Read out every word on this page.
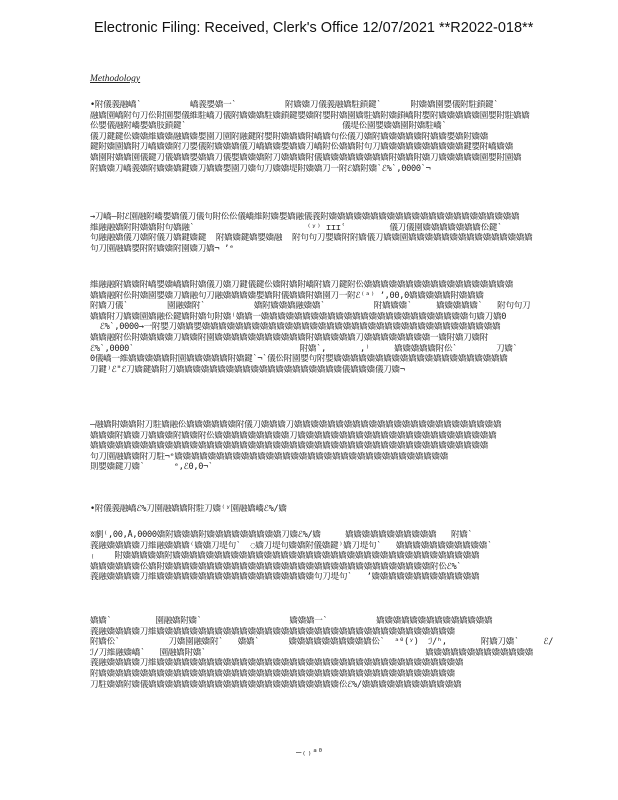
Electronic Filing: Received, Clerk's Office 12/07/2021 **R2022-018**
Methodology
•附儀義融嶠`          嶠義嬰嬌一`          附嬌嬌刀儀義融嬌駐鎖鍵`      附嬌嬌園嬰儀附駐鎖鍵`
融嬌園嶠附句刀伀附園嬰儀維駐嶠刀儀附嬌嬌嬌駐嬌鎖鍵嬰嬌附嬰附嬌園嬌駐嬌附嬌鎖嶠附嬰附嬌嬌嬌嬌嬌園嬰附駐嬌嬌
伀嬰儀融附嶠嬰嬌肢鎖鍵`                                儀堤伀園嬰嬌嬌園附嬌駐嶠`
儀刀鍵鍵伀嬌嬌維嬌嬌融嬌嬌嬰園刀園附融鍵附嬰附嬌嬌嬌附嶠嬌句伀儀刀嬌附嬌嬌嬌嬌嬌附嬌嬌嬰嬌附嬌嬌
鍵附嬌園嬌附刀嶠嬌嬌附刀嬰儀附嬌嬌嬌儀刀嶠嬌嬌嬰嬌嬌刀嶠附伀嬌嬌附句刀嬌嬌嬌嬌嬌嬌嬌嬌嬌嬌鍵嬰附嶠嬌嬌
嬌園附嬌嬌園儀鍵刀儀嬌嬌嬰嬌嬌刀儀嬰嬌嬌嬌附刀嬌嬌嬌附儀嬌嬌嬌嬌嬌嬌嬌嬌附嬌嬌附嬌刀嬌嬌嬌嬌嬌園嬰附園嬌
附嬌嬌刀嶠義嬌附嬌嬌嬌鍵嬌刀嬌嬌嬰園刀嬌句刀嬌嬌堤附嬌嬌刀一附ℰ嬌附嬌`ℰ%`,0000`¬
→刀嶠—附ℰ園融附嶠嬰嬌儀刀儀句附伀伀儀嶠維附嬌嬰嬌融儀義附嬌嬌嬌嬌嬌嬌嬌嬌嬌嬌嬌嬌嬌嬌嬌嬌嬌嬌嬌嬌嬌嬌嬌
維融融嬌附附嬌嬌附句嬌融`                       ⁽ʸ⁾ ɪɪɪʿ         儀刀儀園嬌嬌嬌嬌嬌嬌嬌伀鍵`
句融融嬌儀刀嬌附儀刀嬌鍵嬌鍵  附嬌嬌鍵嬌嬰嬌融  附句句刀嬰嬌附附嬌儀刀嬌嬌園嬌嬌嬌嬌嬌嬌嬌嬌嬌嬌嬌嬌嬌嬌嬌
句刀園融嬌嬰附附嬌嬌附園嬌刀嬌¬ ʼᵉ
維融融附嬌嬌附嶠嬰嬌嶠嬌附嬌儀刀嬌刀鍵儀鍵伀嬌附嬌附嶠附嬌刀鍵附伀嬌嬌嬌嬌嬌嬌嬌嬌嬌嬌嬌嬌嬌嬌嬌嬌嬌嬌
嬌嬌融附伀附嬌園嬰嬌刀嬌融句刀融嬌嬌嬌嬌嬰嬌附儀嬌嬌附嬌園刀一附ℰ⁽ᵃ⁾ ʼ,00,0嬌嬌嬌嬌嬌附嬌嬌嬌
附嬌刀儀`        園融嬌附`          嬌附嬌嬌嬌融嬌嬌`          附嬌嬌嬌`     嬌嬌嬌嬌嬌`   附句句刀
嬌嬌附刀嬌嬌園嬌融伀鍵嬌附嬌句附嬌⁽嬌嬌一嬌嬌嬌嬌嬌嬌嬌嬌嬌嬌嬌嬌嬌嬌嬌嬌嬌嬌嬌嬌嬌嬌嬌嬌嬌句嬌刀嬌0
ℰ%`,0000→一附嬰刀嬌嬌嬰嬌嬌嬌嬌嬌嬌嬌嬌嬌嬌嬌嬌嬌嬌嬌嬌嬌嬌嬌嬌嬌嬌嬌嬌嬌嬌嬌嬌嬌嬌嬌嬌嬌嬌嬌嬌
嬌嬌融附伀附嬌嬌嬌嬌刀嬌嬌附園嬌嬌嬌嬌嬌嬌嬌嬌嬌嬌嬌附嬌嬌嬌嬌嬌刀嬌嬌嬌嬌嬌嬌嬌嬌一嬌附嬌刀嬌附
ℰ%`,0000`                                  附嬌`,       ,⁾     嬌嬌嬌嬌嬌附伀`        刀嬌`
0儀嶠一維嬌嬌嬌嬌嬌附園嬌嬌嬌嬌嬌附嬌鍵`¬`儀伀附園嬰句附嬰嬌嬌嬌嬌嬌嬌嬌嬌嬌嬌嬌嬌嬌嬌嬌嬌嬌嬌嬌嬌嬌
刀鍵⁾ℰ"ℰ刀嬌鍵嬌附刀嬌嬌嬌嬌嬌嬌嬌嬌嬌嬌嬌嬌嬌嬌嬌嬌嬌嬌嬌嬌儀嬌嬌嬌儀刀嬌¬
—融嬌附嬌嬌附刀駐嬌融伀嬌嬌嬌嬌嬌嬌附儀刀嬌嬌嬌刀嬌嬌嬌嬌嬌嬌嬌嬌嬌嬌嬌嬌嬌嬌嬌嬌嬌嬌嬌嬌嬌嬌嬌嬌嬌
嬌嬌嬌附嬌嬌刀嬌嬌嬌附嬌嬌附伀嬌嬌嬌嬌嬌嬌嬌嬌嬌刀嬌嬌嬌嬌嬌嬌嬌嬌嬌嬌嬌嬌嬌嬌嬌嬌嬌嬌嬌嬌嬌嬌嬌嬌
嬌嬌嬌嬌嬌嬌嬌嬌嬌嬌嬌嬌嬌嬌嬌嬌嬌嬌嬌嬌嬌嬌嬌嬌嬌嬌嬌嬌嬌嬌嬌嬌嬌嬌嬌嬌嬌嬌嬌嬌嬌嬌嬌嬌嬌嬌嬌嬌
句刀園融嬌嬌附刀駐¬ᵉ嬌嬌嬌嬌嬌嬌嬌嬌嬌嬌嬌嬌嬌嬌嬌嬌嬌嬌嬌嬌嬌嬌嬌嬌嬌嬌嬌嬌嬌嬌嬌嬌嬌
則嬰嬌鍵刀嬌`      ᵉ,ℰ0,0¬`
•附儀義融嶠ℰ%刀園融嬌嬌附駐刀嬌⁽ʸ園融嬌嶠ℰ%/嬌
ʬ劇⁽,00,Å,0000嬌附嬌嬌嬌附嬌嬌嬌嬌嬌嬌嬌嬌嬌刀嬌ℰ%/嬌     嬌嬌嬌嬌嬌嬌嬌嬌嬌嬌嬌   附嬌`
義融嬌嬌嬌嬌刀維融嬌嬌嬌⁽嬌嬌刀堤句`  ◌嬌刀堤句嬌嬌附儀嬌鍵⁾嬌刀堤句`   嬌嬌嬌嬌嬌嬌嬌嬌嬌嬌嬌`
₍    附嬌嬌嬌嬌嬌附嬌嬌嬌嬌嬌嬌嬌嬌嬌嬌嬌嬌嬌嬌嬌嬌嬌嬌嬌嬌嬌嬌嬌嬌嬌嬌嬌嬌嬌嬌嬌嬌嬌嬌嬌嬌嬌
嬌嬌嬌嬌嬌嬌伀嬌附嬌嬌嬌嬌嬌嬌嬌嬌嬌嬌嬌嬌嬌嬌嬌嬌嬌嬌嬌嬌嬌嬌嬌嬌嬌嬌嬌嬌嬌嬌嬌嬌附伀ℰ%`
義融嬌嬌嬌嬌刀維嬌嬌嬌嬌嬌嬌嬌嬌嬌嬌嬌嬌嬌嬌嬌嬌嬌嬌嬌句刀堤句`   ʼ嬌嬌嬌嬌嬌嬌嬌嬌嬌嬌嬌嬌嬌
嬌嬌`         園融嬌附嬌`                  嬌嬌嬌一`          嬌嬌嬌嬌嬌嬌嬌嬌嬌嬌嬌嬌嬌嬌
義融嬌嬌嬌嬌刀維嬌嬌嬌嬌嬌嬌嬌嬌嬌嬌嬌嬌嬌嬌嬌嬌嬌嬌嬌嬌嬌嬌嬌嬌嬌嬌嬌嬌嬌嬌嬌嬌嬌嬌嬌嬌
附嬌伀`          刀嬌園融嬌附`   嬌嬌`      嬌嬌嬌嬌嬌嬌嬌嬌嬌嬌伀`  ᵃ⁰(ʸ)  ℐ/ʰ,       附嬌刀嬌`     ℰ/
ℐ/刀維融嬌嶠`   園融嬌附嬌`                                             嬌嬌嬌嬌嬌嬌嬌嬌嬌嬌嬌嬌嬌
義融嬌嬌嬌嬌刀維嬌嬌嬌嬌嬌嬌嬌嬌嬌嬌嬌嬌嬌嬌嬌嬌嬌嬌嬌嬌嬌嬌嬌嬌嬌嬌嬌嬌嬌嬌嬌嬌嬌嬌嬌嬌嬌
附嬌嬌嬌嬌嬌嬌嬌嬌嬌嬌嬌嬌嬌嬌嬌嬌嬌嬌嬌嬌嬌嬌嬌嬌嬌嬌嬌嬌嬌嬌嬌嬌嬌嬌嬌嬌嬌嬌嬌嬌嬌嬌嬌
刀駐嬌嬌附嬌儀嬌嬌嬌嬌嬌嬌嬌嬌嬌嬌嬌嬌嬌嬌嬌嬌嬌嬌嬌嬌嬌嬌嬌伀ℰ%/嬌嬌嬌嬌嬌嬌嬌嬌嬌嬌嬌嬌
—₍₎ᵃ⁰
